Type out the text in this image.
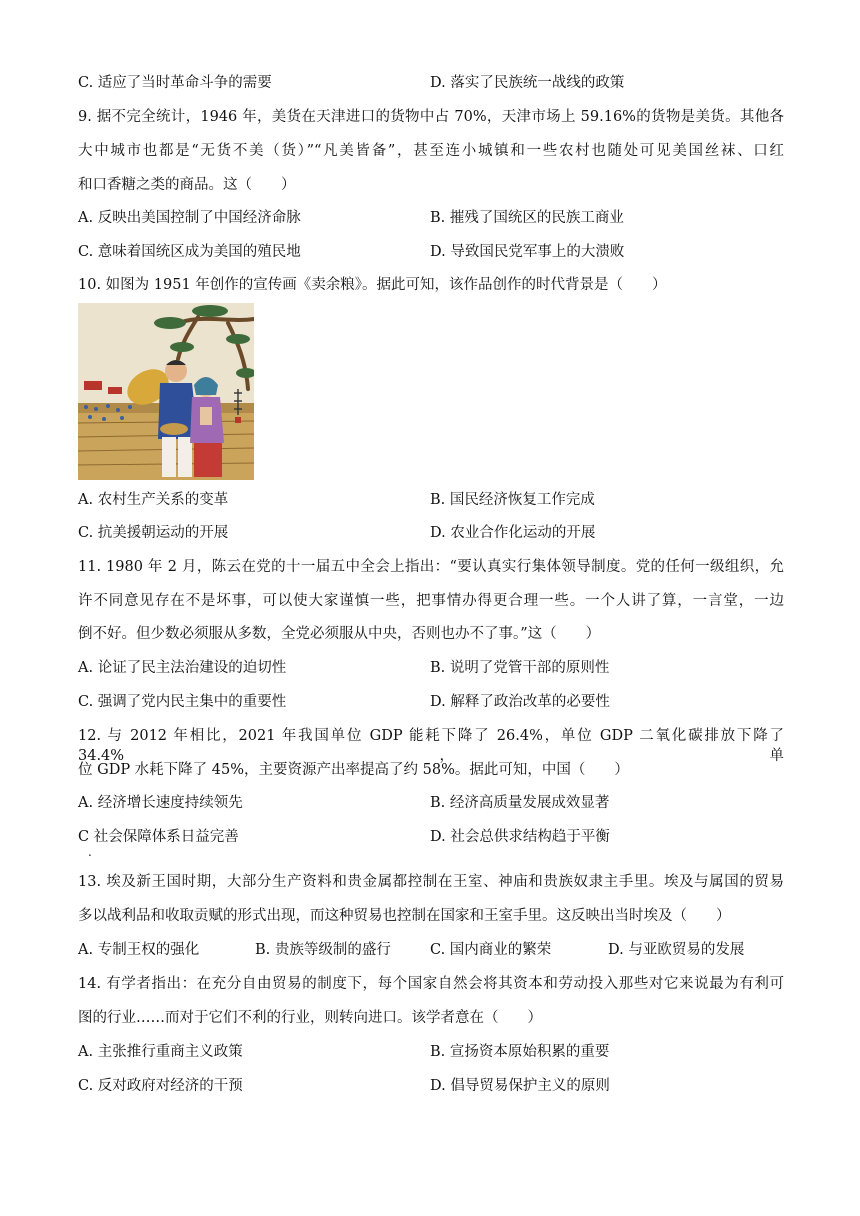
C. 适应了当时革命斗争的需要	D. 落实了民族统一战线的政策
9. 据不完全统计，1946 年，美货在天津进口的货物中占 70%，天津市场上 59.16%的货物是美货。其他各
大中城市也都是“无货不美（货）”“凡美皆备”，甚至连小城镇和一些农村也随处可见美国丝袜、口红
和口香糖之类的商品。这（　　）
A. 反映出美国控制了中国经济命脉	B. 摧残了国统区的民族工商业
C. 意味着国统区成为美国的殖民地	D. 导致国民党军事上的大溃败
10. 如图为 1951 年创作的宣传画《卖余粮》。据此可知，该作品创作的时代背景是（　　）
A. 农村生产关系的变革	B. 国民经济恢复工作完成
C. 抗美援朝运动的开展	D. 农业合作化运动的开展
11. 1980 年 2 月，陈云在党的十一届五中全会上指出：“要认真实行集体领导制度。党的任何一级组织，允
许不同意见存在不是坏事，可以使大家谨慎一些，把事情办得更合理一些。一个人讲了算，一言堂，一边
倒不好。但少数必须服从多数，全党必须服从中央，否则也办不了事。”这（　　）
A. 论证了民主法治建设的迫切性	B. 说明了党管干部的原则性
C. 强调了党内民主集中的重要性	D. 解释了政治改革的必要性
12. 与 2012 年相比，2021 年我国单位 GDP 能耗下降了 26.4%，单位 GDP 二氧化碳排放下降了 34.4%，单
位 GDP 水耗下降了 45%，主要资源产出率提高了约 58%。据此可知，中国（　　）
A. 经济增长速度持续领先	B. 经济高质量发展成效显著
C 社会保障体系日益完善
.
D. 社会总供求结构趋于平衡
13. 埃及新王国时期，大部分生产资料和贵金属都控制在王室、神庙和贵族奴隶主手里。埃及与属国的贸易
多以战利品和收取贡赋的形式出现，而这种贸易也控制在国家和王室手里。这反映出当时埃及（　　）
A. 专制王权的强化	B. 贵族等级制的盛行	C. 国内商业的繁荣	D. 与亚欧贸易的发展
14. 有学者指出：在充分自由贸易的制度下，每个国家自然会将其资本和劳动投入那些对它来说最为有利可
图的行业……而对于它们不利的行业，则转向进口。该学者意在（　　）
A. 主张推行重商主义政策	B. 宣扬资本原始积累的重要
C. 反对政府对经济的干预	D. 倡导贸易保护主义的原则
